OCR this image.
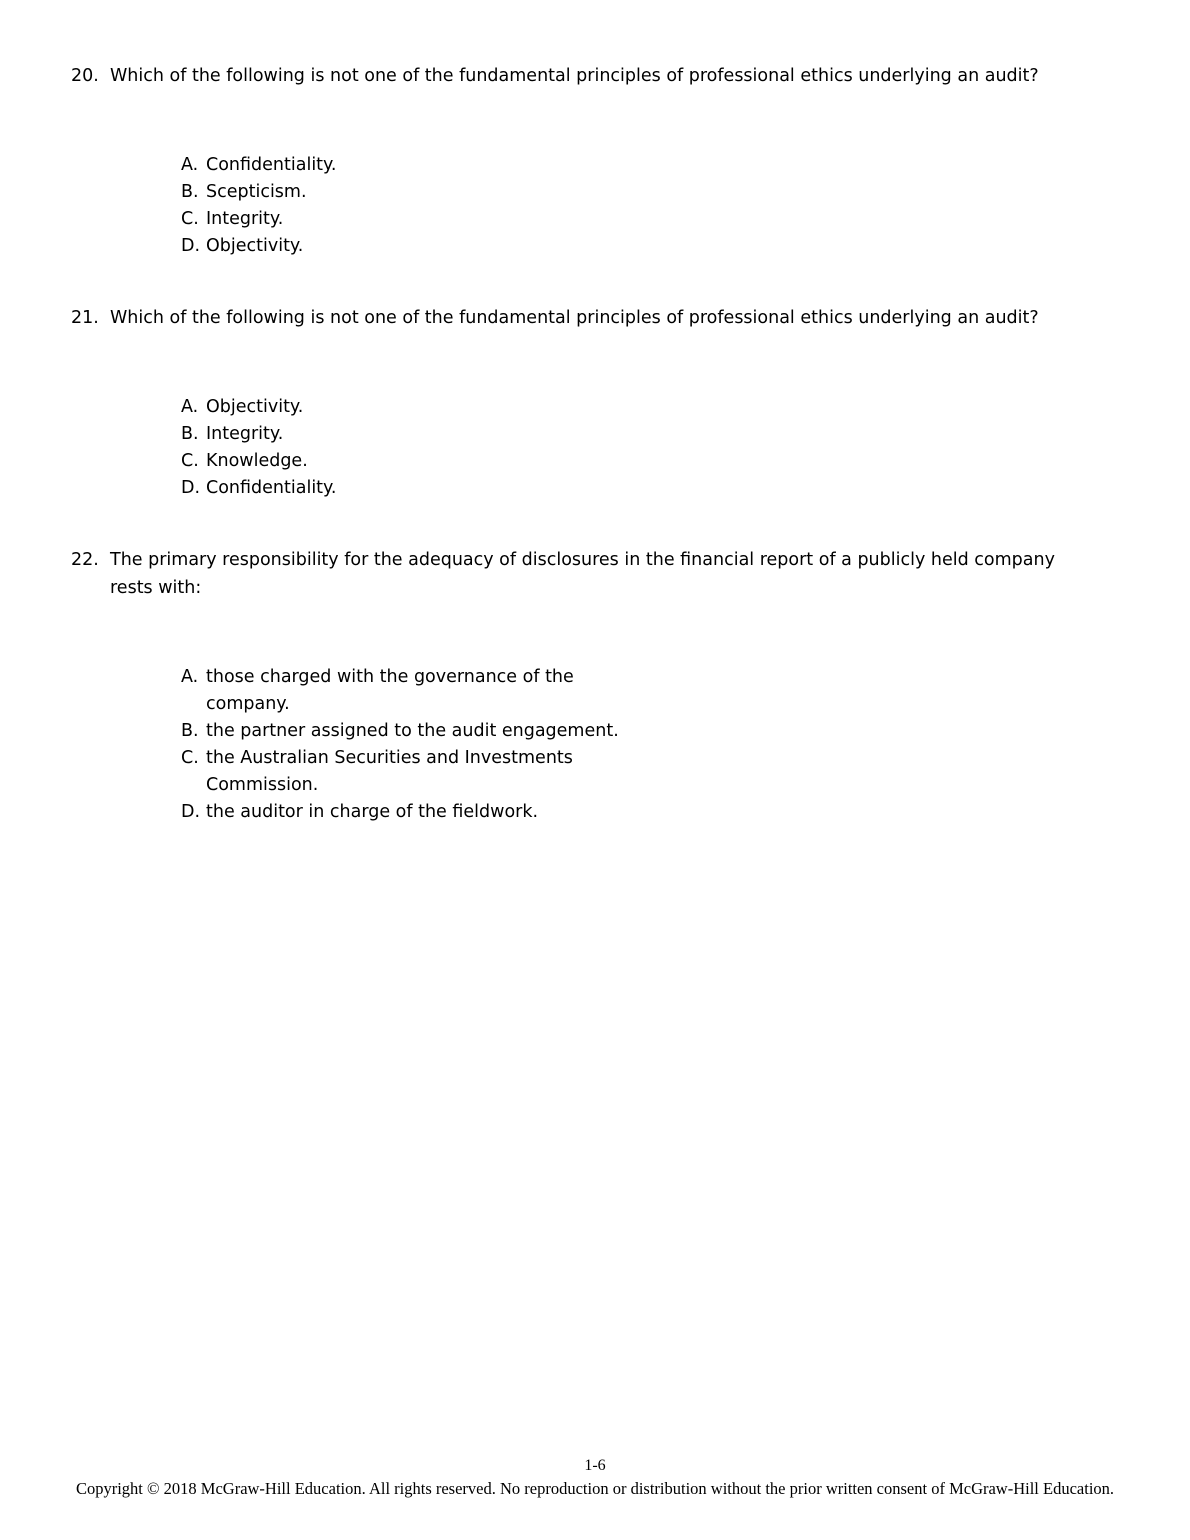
20. Which of the following is not one of the fundamental principles of professional ethics underlying an audit?
A. Confidentiality.
B. Scepticism.
C. Integrity.
D. Objectivity.
21. Which of the following is not one of the fundamental principles of professional ethics underlying an audit?
A. Objectivity.
B. Integrity.
C. Knowledge.
D. Confidentiality.
22. The primary responsibility for the adequacy of disclosures in the financial report of a publicly held company rests with:
A. those charged with the governance of the company.
B. the partner assigned to the audit engagement.
C. the Australian Securities and Investments Commission.
D. the auditor in charge of the fieldwork.
1-6
Copyright © 2018 McGraw-Hill Education. All rights reserved. No reproduction or distribution without the prior written consent of McGraw-Hill Education.
